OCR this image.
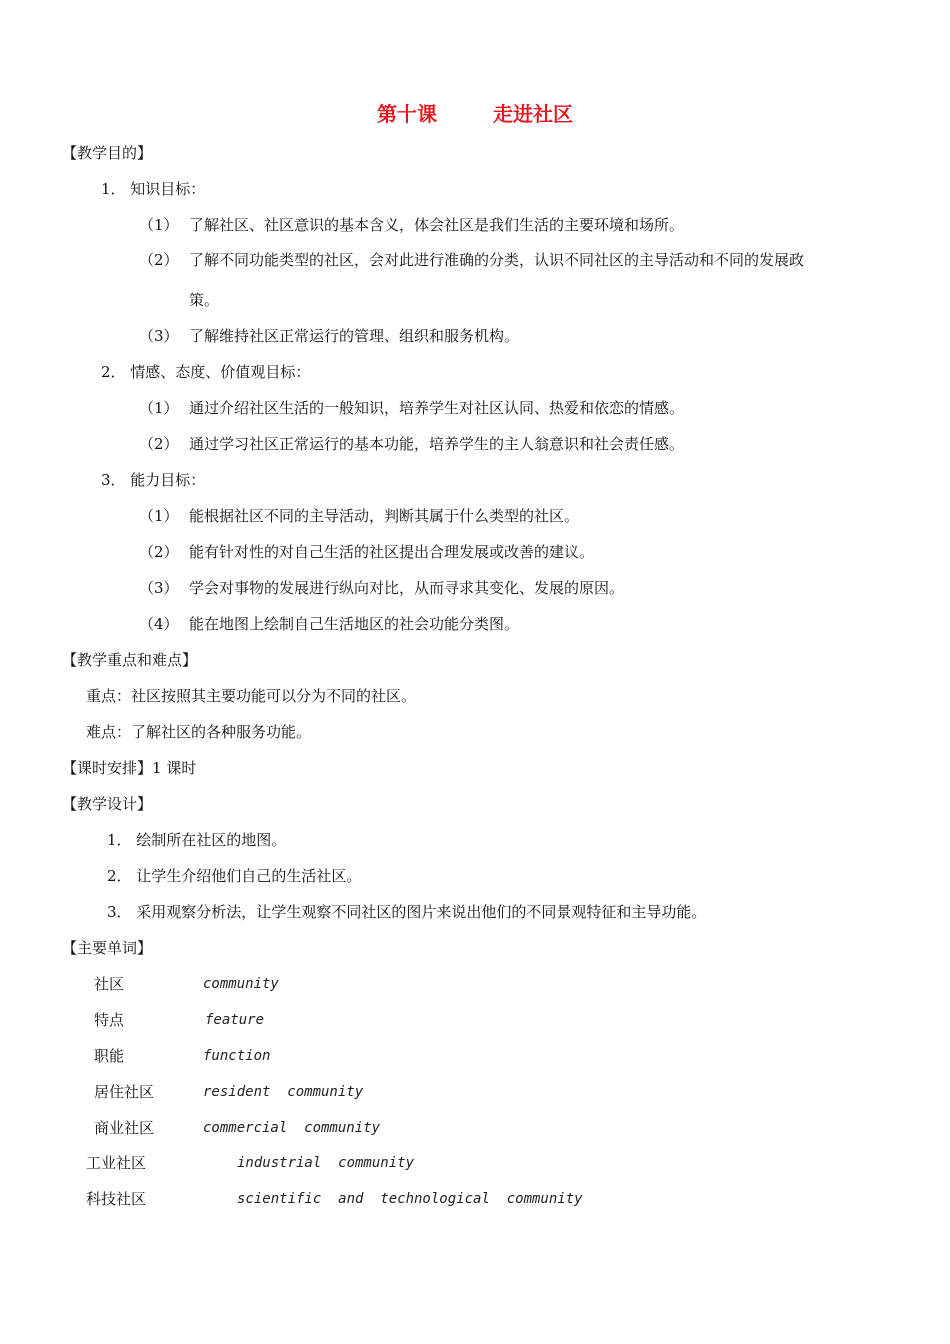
第十课	走进社区
【教学目的】
1． 知识目标：
（1） 了解社区、社区意识的基本含义，体会社区是我们生活的主要环境和场所。
（2） 了解不同功能类型的社区，会对此进行准确的分类，认识不同社区的主导活动和不同的发展政
策。
（3） 了解维持社区正常运行的管理、组织和服务机构。
2． 情感、态度、价值观目标：
（1） 通过介绍社区生活的一般知识，培养学生对社区认同、热爱和依恋的情感。
（2） 通过学习社区正常运行的基本功能，培养学生的主人翁意识和社会责任感。
3． 能力目标：
（1） 能根据社区不同的主导活动，判断其属于什么类型的社区。
（2） 能有针对性的对自己生活的社区提出合理发展或改善的建议。
（3） 学会对事物的发展进行纵向对比，从而寻求其变化、发展的原因。
（4） 能在地图上绘制自己生活地区的社会功能分类图。
【教学重点和难点】
重点：社区按照其主要功能可以分为不同的社区。
难点：了解社区的各种服务功能。
【课时安排】1 课时
【教学设计】
1． 绘制所在社区的地图。
2． 让学生介绍他们自己的生活社区。
3． 采用观察分析法，让学生观察不同社区的图片来说出他们的不同景观特征和主导功能。
【主要单词】
社区	community
特点	feature
职能	function
居住社区	resident  community
商业社区	commercial  community
工业社区	industrial  community
科技社区	scientific  and  technological  community
